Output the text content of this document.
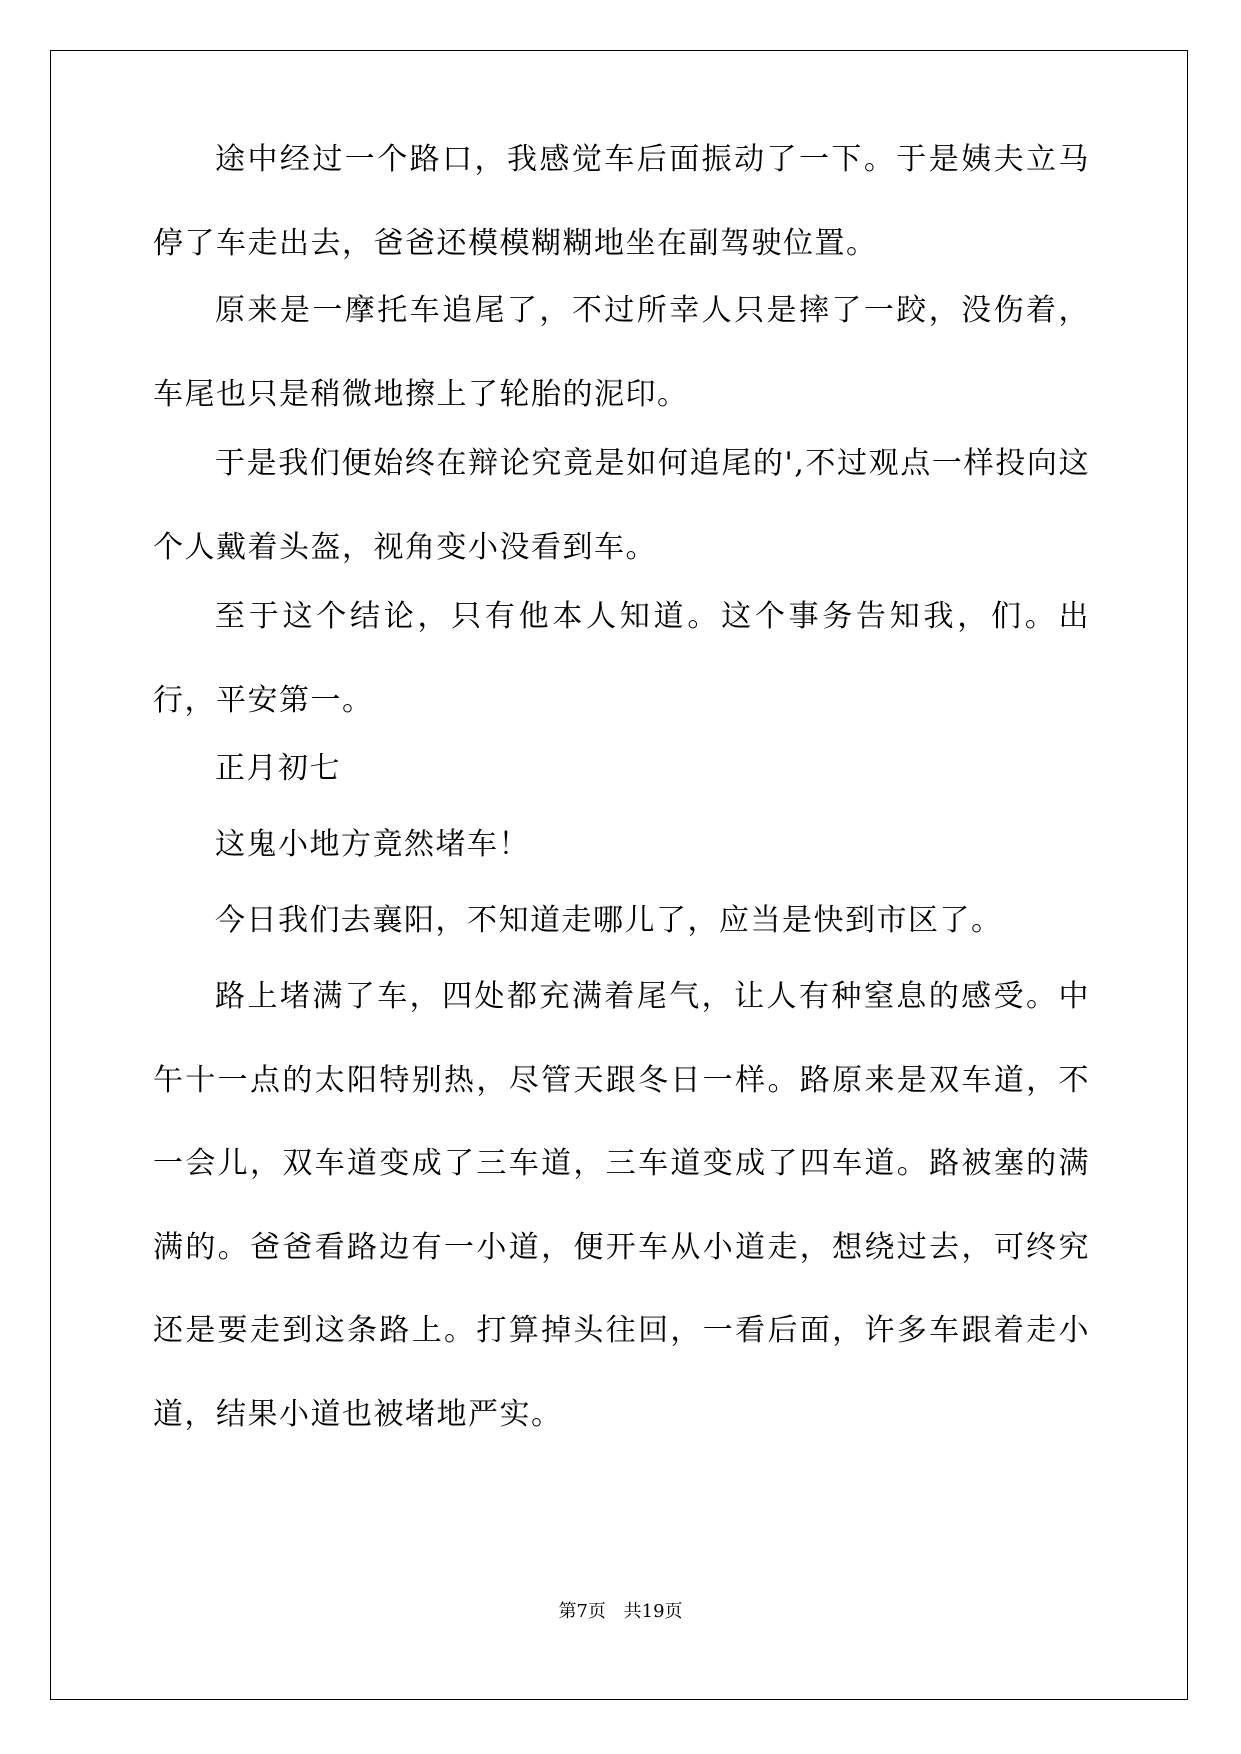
途中经过一个路口，我感觉车后面振动了一下。于是姨夫立马停了车走出去，爸爸还模模糊糊地坐在副驾驶位置。

原来是一摩托车追尾了，不过所幸人只是摔了一跤，没伤着，车尾也只是稍微地擦上了轮胎的泥印。

于是我们便始终在辩论究竟是如何追尾的',不过观点一样投向这个人戴着头盔，视角变小没看到车。

至于这个结论，只有他本人知道。这个事务告知我，们。出行，平安第一。

正月初七

这鬼小地方竟然堵车！

今日我们去襄阳，不知道走哪儿了，应当是快到市区了。

路上堵满了车，四处都充满着尾气，让人有种窒息的感受。中午十一点的太阳特别热，尽管天跟冬日一样。路原来是双车道，不一会儿，双车道变成了三车道，三车道变成了四车道。路被塞的满满的。爸爸看路边有一小道，便开车从小道走，想绕过去，可终究还是要走到这条路上。打算掉头往回，一看后面，许多车跟着走小道，结果小道也被堵地严实。

第7页 共19页
